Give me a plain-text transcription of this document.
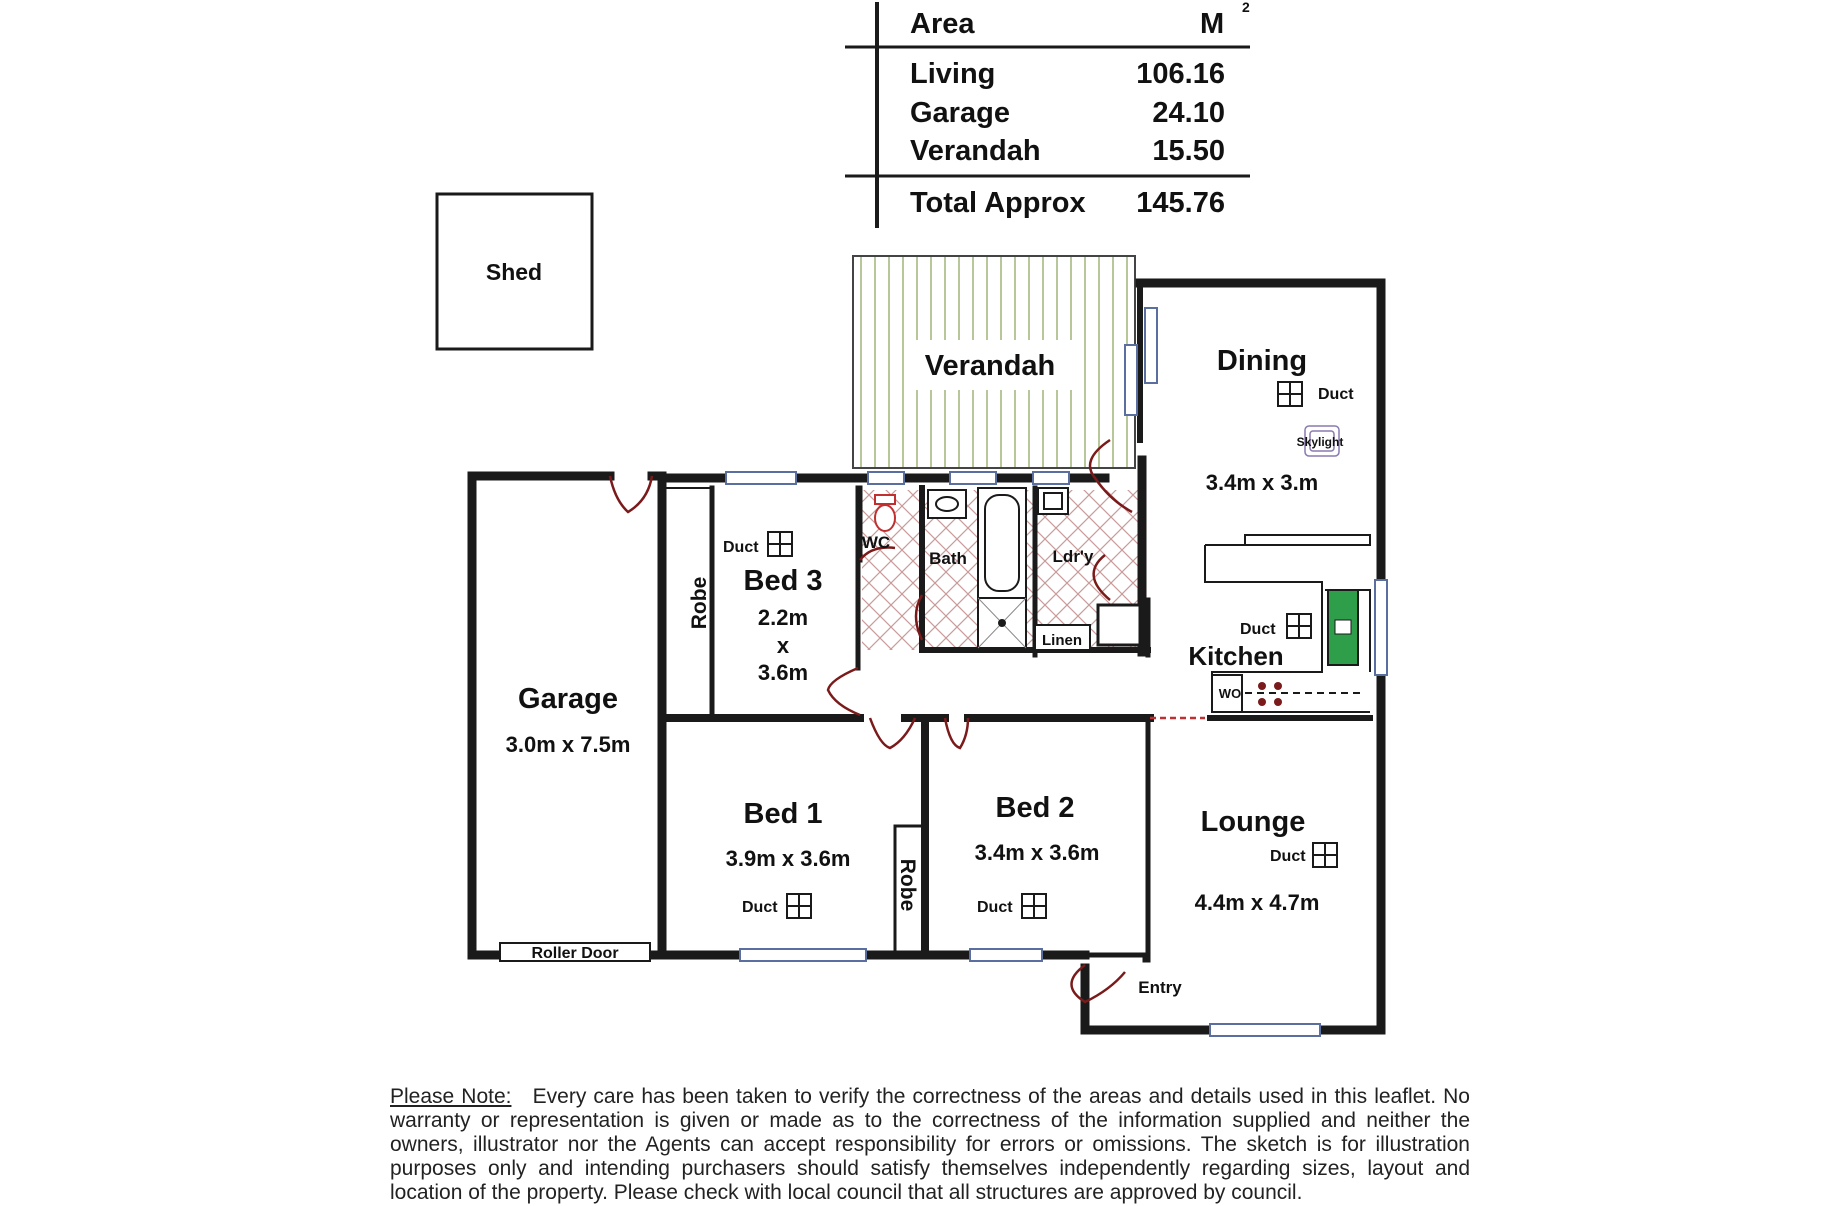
Area	M
2
Living	106.16
Garage	24.10
Verandah	15.50
Total Approx 145.76
Shed
Verandah
WO
Dining
3.4m x 3.m
Skylight
Garage
3.0m x 7.5m
Bed 3
2.2m
x
3.6m
Robe
Bed 1
3.9m x 3.6m
Robe
Bed 2
3.4m x 3.6m
Lounge
4.4m x 4.7m
Kitchen
WC
Bath	Ldr'y
Linen
Roller Door
Entry
Duct
Duct
Duct
Duct
Duct	Duct
Please Note: Every care has been taken to verify the correctness of the areas and details used in this leaflet. No warranty or representation is given or made as to the correctness of the information supplied and neither the owners, illustrator nor the Agents can accept responsibility for errors or omissions. The sketch is for illustration purposes only and intending purchasers should satisfy themselves independently regarding sizes, layout and location of the property. Please check with local council that all structures are approved by council.
